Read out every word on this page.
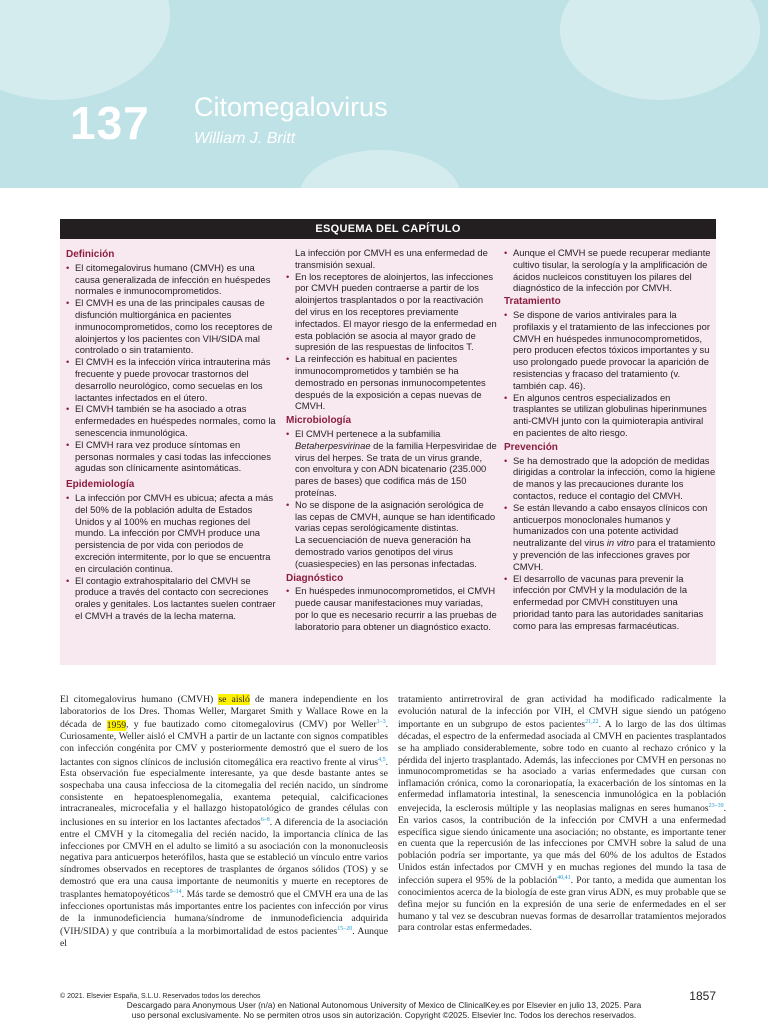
137 Citomegalovirus
William J. Britt
ESQUEMA DEL CAPÍTULO
Definición
• El citomegalovirus humano (CMVH) es una causa generalizada de infección en huéspedes normales e inmunocomprometidos.
• El CMVH es una de las principales causas de disfunción multiorgánica en pacientes inmunocomprometidos, como los receptores de aloinjertos y los pacientes con VIH/SIDA mal controlado o sin tratamiento.
• El CMVH es la infección vírica intrauterina más frecuente y puede provocar trastornos del desarrollo neurológico, como secuelas en los lactantes infectados en el útero.
• El CMVH también se ha asociado a otras enfermedades en huéspedes normales, como la senescencia inmunológica.
• El CMVH rara vez produce síntomas en personas normales y casi todas las infecciones agudas son clínicamente asintomáticas.
Epidemiología
• La infección por CMVH es ubicua; afecta a más del 50% de la población adulta de Estados Unidos y al 100% en muchas regiones del mundo. La infección por CMVH produce una persistencia de por vida con periodos de excreción intermitente, por lo que se encuentra en circulación continua.
• El contagio extrahospitalario del CMVH se produce a través del contacto con secreciones orales y genitales. Los lactantes suelen contraer el CMVH a través de la lecha materna.
La infección por CMVH es una enfermedad de transmisión sexual.
• En los receptores de aloinjertos, las infecciones por CMVH pueden contraerse a partir de los aloinjertos trasplantados o por la reactivación del virus en los receptores previamente infectados. El mayor riesgo de la enfermedad en esta población se asocia al mayor grado de supresión de las respuestas de linfocitos T.
• La reinfección es habitual en pacientes inmunocomprometidos y también se ha demostrado en personas inmunocompetentes después de la exposición a cepas nuevas de CMVH.
Microbiología
• El CMVH pertenece a la subfamilia Betaherpesvirinae de la familia Herpesviridae de virus del herpes. Se trata de un virus grande, con envoltura y con ADN bicatenario (235.000 pares de bases) que codifica más de 150 proteínas.
• No se dispone de la asignación serológica de las cepas de CMVH, aunque se han identificado varias cepas serológicamente distintas.
La secuenciación de nueva generación ha demostrado varios genotipos del virus (cuasiespecies) en las personas infectadas.
Diagnóstico
• En huéspedes inmunocomprometidos, el CMVH puede causar manifestaciones muy variadas, por lo que es necesario recurrir a las pruebas de laboratorio para obtener un diagnóstico exacto.
• Aunque el CMVH se puede recuperar mediante cultivo tisular, la serología y la amplificación de ácidos nucleicos constituyen los pilares del diagnóstico de la infección por CMVH.
Tratamiento
• Se dispone de varios antivirales para la profilaxis y el tratamiento de las infecciones por CMVH en huéspedes inmunocomprometidos, pero producen efectos tóxicos importantes y su uso prolongado puede provocar la aparición de resistencias y fracaso del tratamiento (v. también cap. 46).
• En algunos centros especializados en trasplantes se utilizan globulinas hiperinmunes anti-CMVH junto con la quimioterapia antiviral en pacientes de alto riesgo.
Prevención
• Se ha demostrado que la adopción de medidas dirigidas a controlar la infección, como la higiene de manos y las precauciones durante los contactos, reduce el contagio del CMVH.
• Se están llevando a cabo ensayos clínicos con anticuerpos monoclonales humanos y humanizados con una potente actividad neutralizante del virus in vitro para el tratamiento y prevención de las infecciones graves por CMVH.
• El desarrollo de vacunas para prevenir la infección por CMVH y la modulación de la enfermedad por CMVH constituyen una prioridad tanto para las autoridades sanitarias como para las empresas farmacéuticas.
El citomegalovirus humano (CMVH) se aisló de manera independiente en los laboratorios de los Dres. Thomas Weller, Margaret Smith y Wallace Rowe en la década de 1959, y fue bautizado como citomegalovirus (CMV) por Weller$^{1-3}$. Curiosamente, Weller aisló el CMVH a partir de un lactante con signos compatibles con infección congénita por CMV y posteriormente demostró que el suero de los lactantes con signos clínicos de inclusión citomegálica era reactivo frente al virus$^{4,5}$. Esta observación fue especialmente interesante, ya que desde bastante antes se sospechaba una causa infecciosa de la citomegalia del recién nacido, un síndrome consistente en hepatoesplenomegalia, exantema petequial, calcificaciones intracraneales, microcefalia y el hallazgo histopatológico de grandes células con inclusiones en su interior en los lactantes afectados$^{6-8}$. A diferencia de la asociación entre el CMVH y la citomegalia del recién nacido, la importancia clínica de las infecciones por CMVH en el adulto se limitó a su asociación con la mononucleosis negativa para anticuerpos heterófilos, hasta que se estableció un vínculo entre varios síndromes observados en receptores de trasplantes de órganos sólidos (TOS) y se demostró que era una causa importante de neumonitis y muerte en receptores de trasplantes hematopoyéticos$^{9-14}$. Más tarde se demostró que el CMVH era una de las infecciones oportunistas más importantes entre los pacientes con infección por virus de la inmunodeficiencia humana/síndrome de inmunodeficiencia adquirida (VIH/SIDA) y que contribuía a la morbimortalidad de estos pacientes$^{15-20}$. Aunque el
tratamiento antirretroviral de gran actividad ha modificado radicalmente la evolución natural de la infección por VIH, el CMVH sigue siendo un patógeno importante en un subgrupo de estos pacientes$^{21,22}$. A lo largo de las dos últimas décadas, el espectro de la enfermedad asociada al CMVH en pacientes trasplantados se ha ampliado considerablemente, sobre todo en cuanto al rechazo crónico y la pérdida del injerto trasplantado. Además, las infecciones por CMVH en personas no inmunocomprometidas se ha asociado a varias enfermedades que cursan con inflamación crónica, como la coronariopatía, la exacerbación de los síntomas en la enfermedad inflamatoria intestinal, la senescencia inmunológica en la población envejecida, la esclerosis múltiple y las neoplasias malignas en seres humanos$^{23-39}$. En varios casos, la contribución de la infección por CMVH a una enfermedad específica sigue siendo únicamente una asociación; no obstante, es importante tener en cuenta que la repercusión de las infecciones por CMVH sobre la salud de una población podría ser importante, ya que más del 60% de los adultos de Estados Unidos están infectados por CMVH y en muchas regiones del mundo la tasa de infección supera el 95% de la población$^{40,41}$. Por tanto, a medida que aumentan los conocimientos acerca de la biología de este gran virus ADN, es muy probable que se defina mejor su función en la expresión de una serie de enfermedades en el ser humano y tal vez se descubran nuevas formas de desarrollar tratamientos mejorados para controlar estas enfermedades.
© 2021. Elsevier España, S.L.U. Reservados todos los derechos	1857
Descargado para Anonymous User (n/a) en National Autonomous University of Mexico de ClinicalKey.es por Elsevier en julio 13, 2025. Para
uso personal exclusivamente. No se permiten otros usos sin autorización. Copyright ©2025. Elsevier Inc. Todos los derechos reservados.
